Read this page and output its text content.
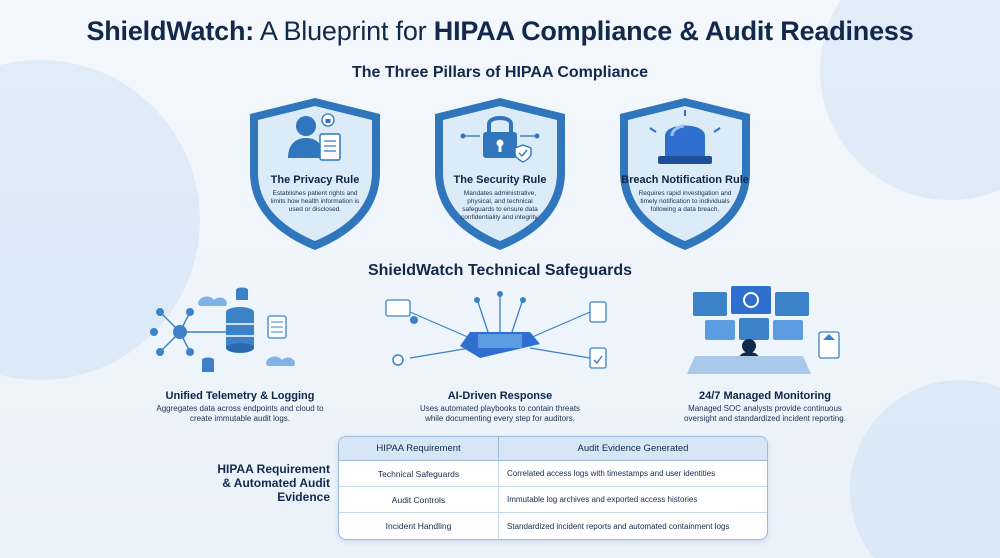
ShieldWatch: A Blueprint for HIPAA Compliance & Audit Readiness
The Three Pillars of HIPAA Compliance
The Privacy Rule
Establishes patient rights and limits how health information is used or disclosed.
The Security Rule
Mandates administrative, physical, and technical safeguards to ensure data confidentiality and integrity.
Breach Notification Rule
Requires rapid investigation and timely notification to individuals following a data breach.
ShieldWatch Technical Safeguards
Unified Telemetry & Logging
Aggregates data across endpoints and cloud to create immutable audit logs.
AI-Driven Response
Uses automated playbooks to contain threats while documenting every step for auditors.
24/7 Managed Monitoring
Managed SOC analysts provide continuous oversight and standardized incident reporting.
HIPAA Requirement & Automated Audit Evidence
HIPAA Requirement	Audit Evidence Generated
Technical Safeguards	Correlated access logs with timestamps and user identities
Audit Controls	Immutable log archives and exported access histories
Incident Handling	Standardized incident reports and automated containment logs
